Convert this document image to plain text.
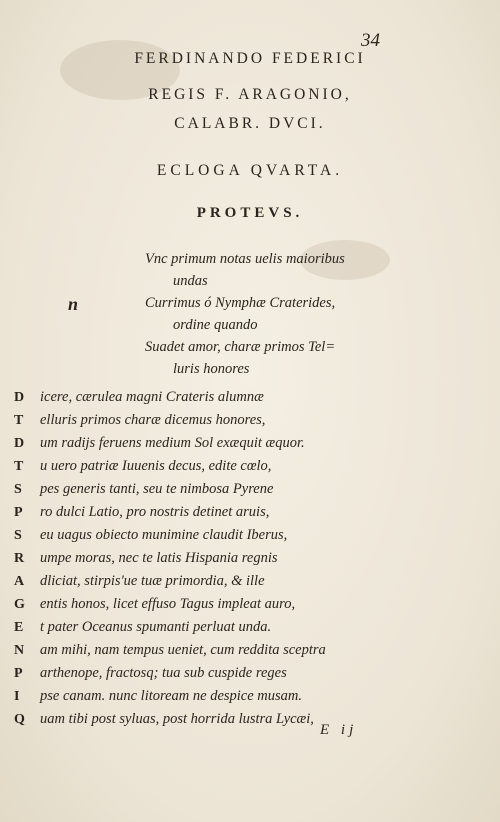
34
FERDINANDO FEDERICI
REGIS F. ARAGONIO,
CALABR. DVCI.
ECLOGA QVARTA.
PROTEVS.
n
Vnc primum notas uelis maioribus
undas
Currimus ó Nymphæ Craterides,
ordine quando
Suadet amor, charæ primos Tel=
luris honores
D icere, cærulea magni Crateris alumnæ
T elluris primos charæ dicemus honores,
D um radijs feruens medium Sol exæquit æquor.
T u uero patriæ Iuuenis decus, edite cœlo,
S pes generis tanti, seu te nimbosa Pyrene
P ro dulci Latio, pro nostris detinet aruis,
S eu uagus obiecto munimine claudit Iberus,
R umpe moras, nec te latis Hispania regnis
A dliciat, stirpis'ue tuæ primordia, & ille
G entis honos, licet effuso Tagus impleat auro,
E t pater Oceanus spumanti perluat unda.
N am mihi, nam tempus ueniet, cum reddita sceptra
P arthenope, fractosq; tua sub cuspide reges
I pse canam. nunc litoream ne despice musam.
Q uam tibi post syluas, post horrida lustra Lycæi,
E ij
